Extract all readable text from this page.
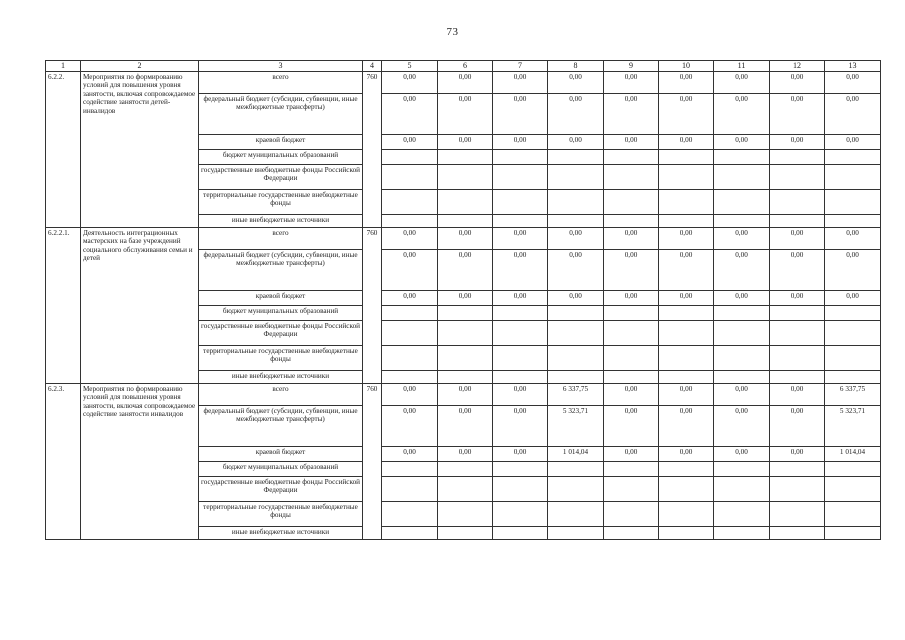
73
1	2	3	4	5	6	7	8	9	10	11	12	13
6.2.2.	Мероприятия по формированию условий для повышения уровня занятости, включая сопровождаемое содействие занятости детей-инвалидов	всего	760	0,00	0,00	0,00	0,00	0,00	0,00	0,00	0,00	0,00
		федеральный бюджет (субсидии, субвенции, иные межбюджетные трансферты)		0,00	0,00	0,00	0,00	0,00	0,00	0,00	0,00	0,00
		краевой бюджет		0,00	0,00	0,00	0,00	0,00	0,00	0,00	0,00	0,00
		бюджет муниципальных образований										
		государственные внебюджетные фонды Российской Федерации										
		территориальные государственные внебюджетные фонды										
		иные внебюджетные источники										
6.2.2.1.	Деятельность интеграционных мастерских на базе учреждений социального обслуживания семьи и детей	всего	760	0,00	0,00	0,00	0,00	0,00	0,00	0,00	0,00	0,00
		федеральный бюджет (субсидии, субвенции, иные межбюджетные трансферты)		0,00	0,00	0,00	0,00	0,00	0,00	0,00	0,00	0,00
		краевой бюджет		0,00	0,00	0,00	0,00	0,00	0,00	0,00	0,00	0,00
		бюджет муниципальных образований										
		государственные внебюджетные фонды Российской Федерации										
		территориальные государственные внебюджетные фонды										
		иные внебюджетные источники										
6.2.3.	Мероприятия по формированию условий для повышения уровня занятости, включая сопровождаемое содействие занятости инвалидов	всего	760	0,00	0,00	0,00	6 337,75	0,00	0,00	0,00	0,00	6 337,75
		федеральный бюджет (субсидии, субвенции, иные межбюджетные трансферты)		0,00	0,00	0,00	5 323,71	0,00	0,00	0,00	0,00	5 323,71
		краевой бюджет		0,00	0,00	0,00	1 014,04	0,00	0,00	0,00	0,00	1 014,04
		бюджет муниципальных образований										
		государственные внебюджетные фонды Российской Федерации										
		территориальные государственные внебюджетные фонды										
		иные внебюджетные источники										
